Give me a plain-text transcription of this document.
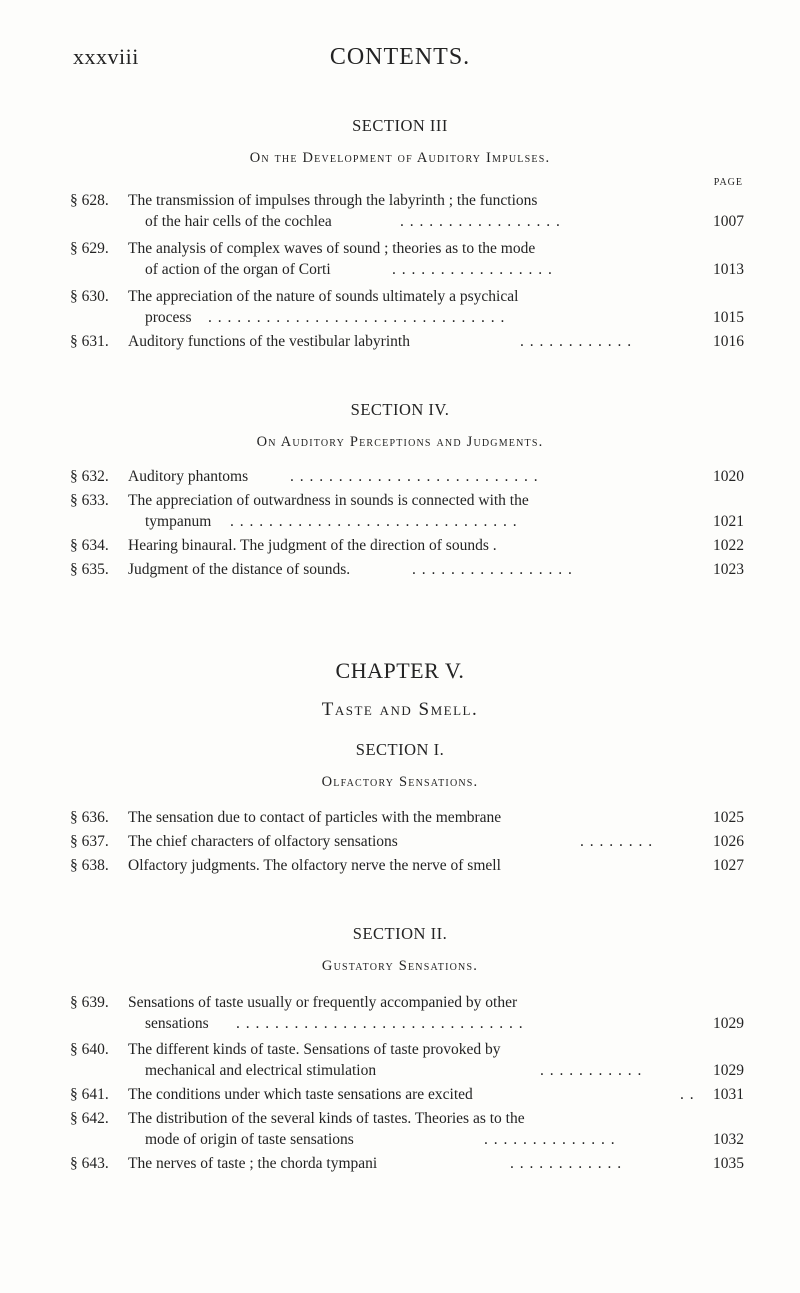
xxxviii	CONTENTS.
SECTION III
On the Development of Auditory Impulses.
PAGE
§ 628. The transmission of impulses through the labyrinth ; the functions
of the hair cells of the cochlea	. . . . . . . . . . . . . . . . .	1007
§ 629. The analysis of complex waves of sound ; theories as to the mode
of action of the organ of Corti	. . . . . . . . . . . . . . . . .	1013
§ 630. The appreciation of the nature of sounds ultimately a psychical
process . . . . . . . . . . . . . . . . . . . . . . . . . . . . . . .	1015
§ 631. Auditory functions of the vestibular labyrinth	. . . . . . . . . . . .	1016
SECTION IV.
On Auditory Perceptions and Judgments.
§ 632. Auditory phantoms	. . . . . . . . . . . . . . . . . . . . . . . . . .	1020
§ 633. The appreciation of outwardness in sounds is connected with the
tympanum . . . . . . . . . . . . . . . . . . . . . . . . . . . . . .	1021
§ 634. Hearing binaural. The judgment of the direction of sounds .	1022
§ 635. Judgment of the distance of sounds.	. . . . . . . . . . . . . . . . .	1023
CHAPTER V.
Taste and Smell.
SECTION I.
Olfactory Sensations.
§ 636. The sensation due to contact of particles with the membrane	1025
§ 637. The chief characters of olfactory sensations	. . . . . . . .	1026
§ 638. Olfactory judgments. The olfactory nerve the nerve of smell	1027
SECTION II.
Gustatory Sensations.
§ 639. Sensations of taste usually or frequently accompanied by other
sensations . . . . . . . . . . . . . . . . . . . . . . . . . . . . . .	1029
§ 640. The different kinds of taste. Sensations of taste provoked by
mechanical and electrical stimulation	. . . . . . . . . . .	1029
§ 641. The conditions under which taste sensations are excited	. .	1031
§ 642. The distribution of the several kinds of tastes. Theories as to the
mode of origin of taste sensations	. . . . . . . . . . . . . .	1032
§ 643. The nerves of taste ; the chorda tympani	. . . . . . . . . . . .	1035
